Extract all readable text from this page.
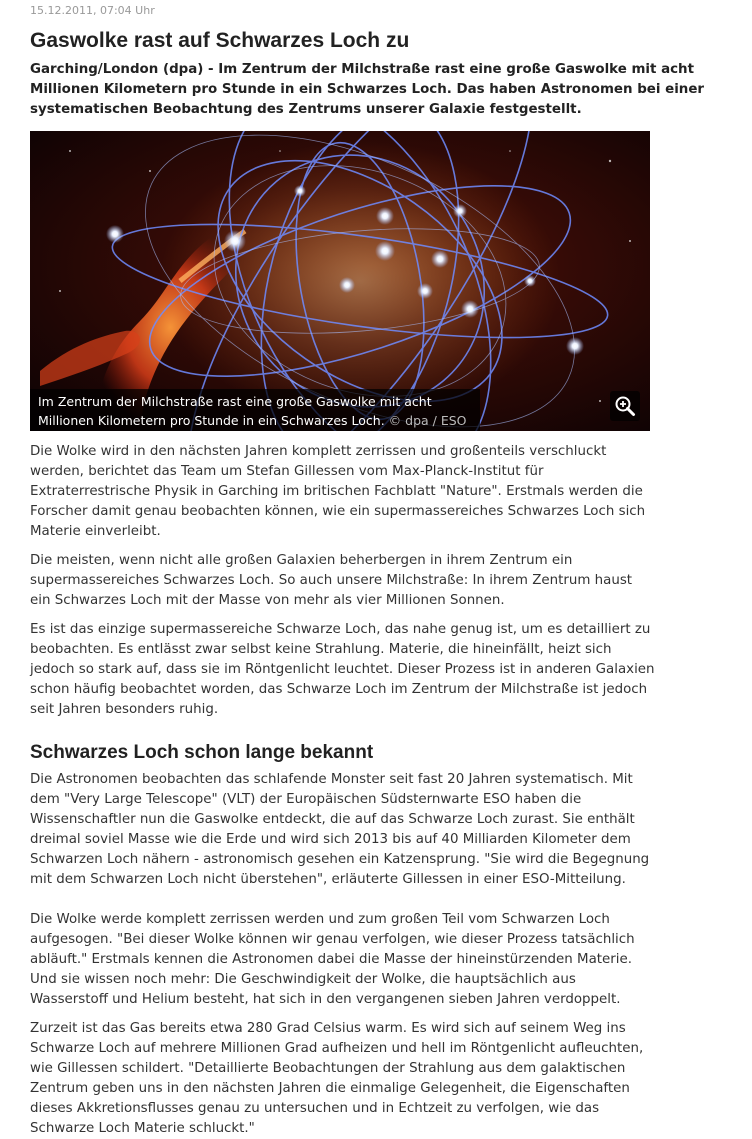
15.12.2011, 07:04 Uhr

Gaswolke rast auf Schwarzes Loch zu

Garching/London (dpa) - Im Zentrum der Milchstraße rast eine große Gaswolke mit acht Millionen Kilometern pro Stunde in ein Schwarzes Loch. Das haben Astronomen bei einer systematischen Beobachtung des Zentrums unserer Galaxie festgestellt.

Im Zentrum der Milchstraße rast eine große Gaswolke mit acht Millionen Kilometern pro Stunde in ein Schwarzes Loch. © dpa / ESO

Die Wolke wird in den nächsten Jahren komplett zerrissen und großenteils verschluckt werden, berichtet das Team um Stefan Gillessen vom Max-Planck-Institut für Extraterrestrische Physik in Garching im britischen Fachblatt "Nature". Erstmals werden die Forscher damit genau beobachten können, wie ein supermassereiches Schwarzes Loch sich Materie einverleibt.

Die meisten, wenn nicht alle großen Galaxien beherbergen in ihrem Zentrum ein supermassereiches Schwarzes Loch. So auch unsere Milchstraße: In ihrem Zentrum haust ein Schwarzes Loch mit der Masse von mehr als vier Millionen Sonnen.

Es ist das einzige supermassereiche Schwarze Loch, das nahe genug ist, um es detailliert zu beobachten. Es entlässt zwar selbst keine Strahlung. Materie, die hineinfällt, heizt sich jedoch so stark auf, dass sie im Röntgenlicht leuchtet. Dieser Prozess ist in anderen Galaxien schon häufig beobachtet worden, das Schwarze Loch im Zentrum der Milchstraße ist jedoch seit Jahren besonders ruhig.

Schwarzes Loch schon lange bekannt

Die Astronomen beobachten das schlafende Monster seit fast 20 Jahren systematisch. Mit dem "Very Large Telescope" (VLT) der Europäischen Südsternwarte ESO haben die Wissenschaftler nun die Gaswolke entdeckt, die auf das Schwarze Loch zurast. Sie enthält dreimal soviel Masse wie die Erde und wird sich 2013 bis auf 40 Milliarden Kilometer dem Schwarzen Loch nähern - astronomisch gesehen ein Katzensprung. "Sie wird die Begegnung mit dem Schwarzen Loch nicht überstehen", erläuterte Gillessen in einer ESO-Mitteilung.

Die Wolke werde komplett zerrissen werden und zum großen Teil vom Schwarzen Loch aufgesogen. "Bei dieser Wolke können wir genau verfolgen, wie dieser Prozess tatsächlich abläuft." Erstmals kennen die Astronomen dabei die Masse der hineinstürzenden Materie. Und sie wissen noch mehr: Die Geschwindigkeit der Wolke, die hauptsächlich aus Wasserstoff und Helium besteht, hat sich in den vergangenen sieben Jahren verdoppelt.

Zurzeit ist das Gas bereits etwa 280 Grad Celsius warm. Es wird sich auf seinem Weg ins Schwarze Loch auf mehrere Millionen Grad aufheizen und hell im Röntgenlicht aufleuchten, wie Gillessen schildert. "Detaillierte Beobachtungen der Strahlung aus dem galaktischen Zentrum geben uns in den nächsten Jahren die einmalige Gelegenheit, die Eigenschaften dieses Akkretionsflusses genau zu untersuchen und in Echtzeit zu verfolgen, wie das Schwarze Loch Materie schluckt."
